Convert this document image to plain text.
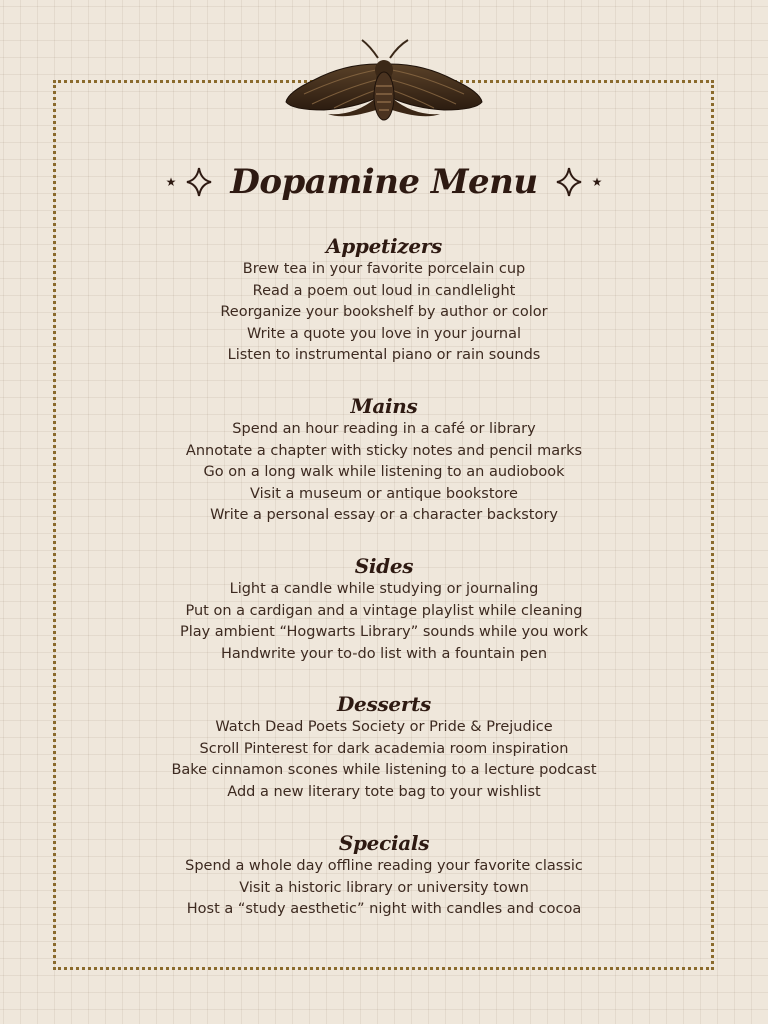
★ Dopamine Menu	★
Appetizers
Brew tea in your favorite porcelain cup
Read a poem out loud in candlelight
Reorganize your bookshelf by author or color
Write a quote you love in your journal
Listen to instrumental piano or rain sounds
Mains
Spend an hour reading in a café or library
Annotate a chapter with sticky notes and pencil marks
Go on a long walk while listening to an audiobook
Visit a museum or antique bookstore
Write a personal essay or a character backstory
Sides
Light a candle while studying or journaling
Put on a cardigan and a vintage playlist while cleaning
Play ambient “Hogwarts Library” sounds while you work
Handwrite your to-do list with a fountain pen
Desserts
Watch Dead Poets Society or Pride & Prejudice
Scroll Pinterest for dark academia room inspiration
Bake cinnamon scones while listening to a lecture podcast
Add a new literary tote bag to your wishlist
Specials
Spend a whole day offline reading your favorite classic
Visit a historic library or university town
Host a “study aesthetic” night with candles and cocoa
